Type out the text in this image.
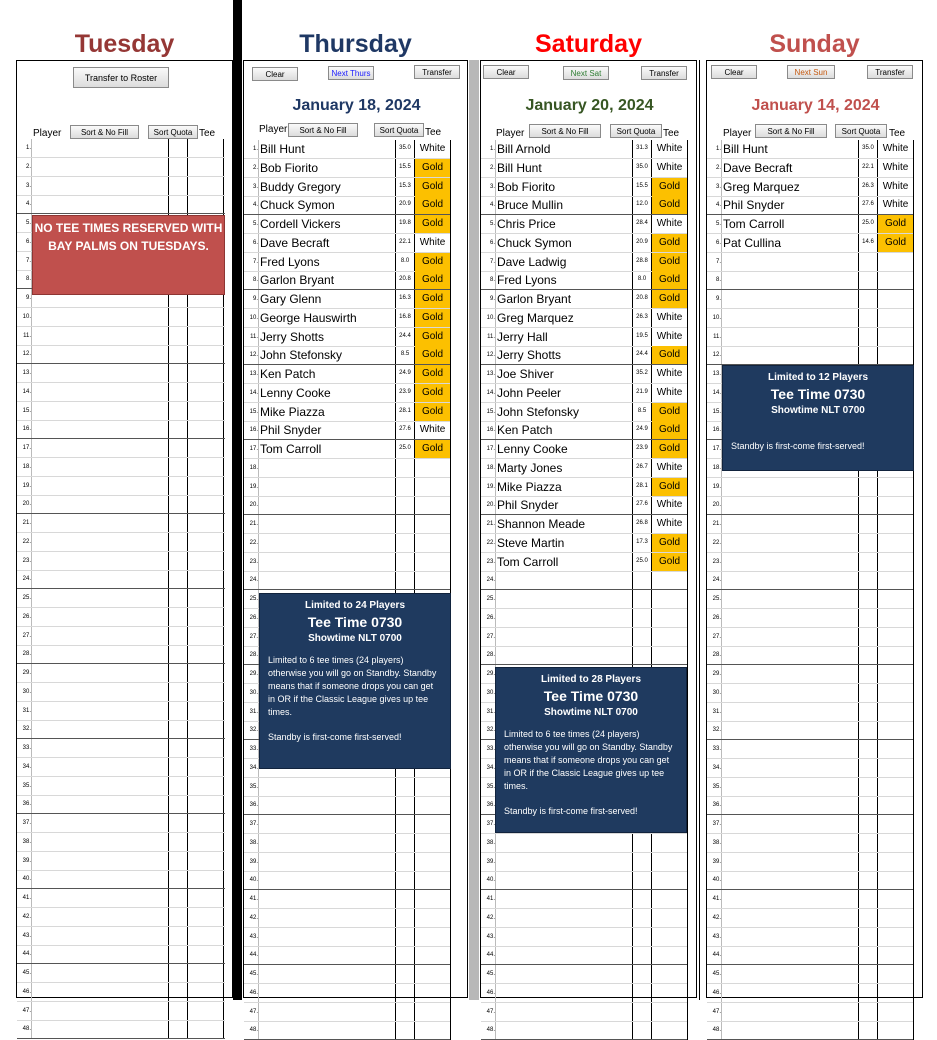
Tuesday	Thursday	Saturday	Sunday
Transfer to Roster
Player	Sort & No Fill	Sort Quota Tee
1.
2.
3.
4.
5.
6.
7.
8.
9.
10.
11.
12.
13.
14.
15.
16.
17.
18.
19.
20.
21.
22.
23.
24.
25.
26.
27.
28.
29.
30.
31.
32.
33.
34.
35.
36.
37.
38.
39.
40.
41.
42.
43.
44.
45.
46.
47.
48.
NO TEE TIMES RESERVED WITH BAY PALMS ON TUESDAYS.
Clear	Next Thurs	Transfer
January 18, 2024
Player	Sort & No Fill	Sort Quota Tee
1. Bill Hunt	35.0 White
2. Bob Fiorito	15.5	Gold
3. Buddy Gregory	15.3	Gold
4. Chuck Symon	20.9	Gold
5. Cordell Vickers	19.8	Gold
6. Dave Becraft	22.1 White
7. Fred Lyons	8.0	Gold
8. Garlon Bryant	20.8	Gold
9. Gary Glenn	16.3	Gold
10. George Hauswirth	16.8	Gold
11. Jerry Shotts	24.4	Gold
12. John Stefonsky	8.5	Gold
13. Ken Patch	24.9	Gold
14. Lenny Cooke	23.9	Gold
15. Mike Piazza	28.1	Gold
16. Phil Snyder	27.6 White
17. Tom Carroll	25.0	Gold
18.
19.
20.
21.
22.
23.
24.
25.
26.
27.
28.
29.
30.
31.
32.
33.
34.
35.
36.
37.
38.
39.
40.
41.
42.
43.
44.
45.
46.
47.
48.
Limited to 24 Players
Tee Time 0730
Showtime NLT 0700
Limited to 6 tee times (24 players) otherwise you will go on Standby. Standby means that if someone drops you can get in OR if the Classic League gives up tee times.
Standby is first-come first-served!
Clear	Next Sat	Transfer
January 20, 2024
Player	Sort & No Fill	Sort Quota Tee
1. Bill Arnold	31.3 White
2. Bill Hunt	35.0 White
3. Bob Fiorito	15.5	Gold
4. Bruce Mullin	12.0	Gold
5. Chris Price	28.4 White
6. Chuck Symon	20.9	Gold
7. Dave Ladwig	28.8	Gold
8. Fred Lyons	8.0	Gold
9. Garlon Bryant	20.8	Gold
10. Greg Marquez	26.3 White
11. Jerry Hall	19.5 White
12. Jerry Shotts	24.4	Gold
13. Joe Shiver	35.2 White
14. John Peeler	21.9 White
15. John Stefonsky	8.5	Gold
16. Ken Patch	24.9	Gold
17. Lenny Cooke	23.9	Gold
18. Marty Jones	26.7 White
19. Mike Piazza	28.1	Gold
20. Phil Snyder	27.6 White
21. Shannon Meade	26.8 White
22. Steve Martin	17.3	Gold
23. Tom Carroll	25.0	Gold
24.
25.
26.
27.
28.
29.
30.
31.
32.
33.
34.
35.
36.
37.
38.
39.
40.
41.
42.
43.
44.
45.
46.
47.
48.
Limited to 28 Players
Tee Time 0730
Showtime NLT 0700
Limited to 6 tee times (24 players) otherwise you will go on Standby. Standby means that if someone drops you can get in OR if the Classic League gives up tee times.
Standby is first-come first-served!
Clear	Next Sun	Transfer
January 14, 2024
Player	Sort & No Fill	Sort Quota Tee
1. Bill Hunt	35.0 White
2. Dave Becraft	22.1 White
3. Greg Marquez	26.3 White
4. Phil Snyder	27.6 White
5. Tom Carroll	25.0	Gold
6. Pat Cullina	14.6	Gold
7.
8.
9.
10.
11.
12.
13.
14.
15.
16.
17.
18.
19.
20.
21.
22.
23.
24.
25.
26.
27.
28.
29.
30.
31.
32.
33.
34.
35.
36.
37.
38.
39.
40.
41.
42.
43.
44.
45.
46.
47.
48.
Limited to 12 Players
Tee Time 0730
Showtime NLT 0700
Standby is first-come first-served!
